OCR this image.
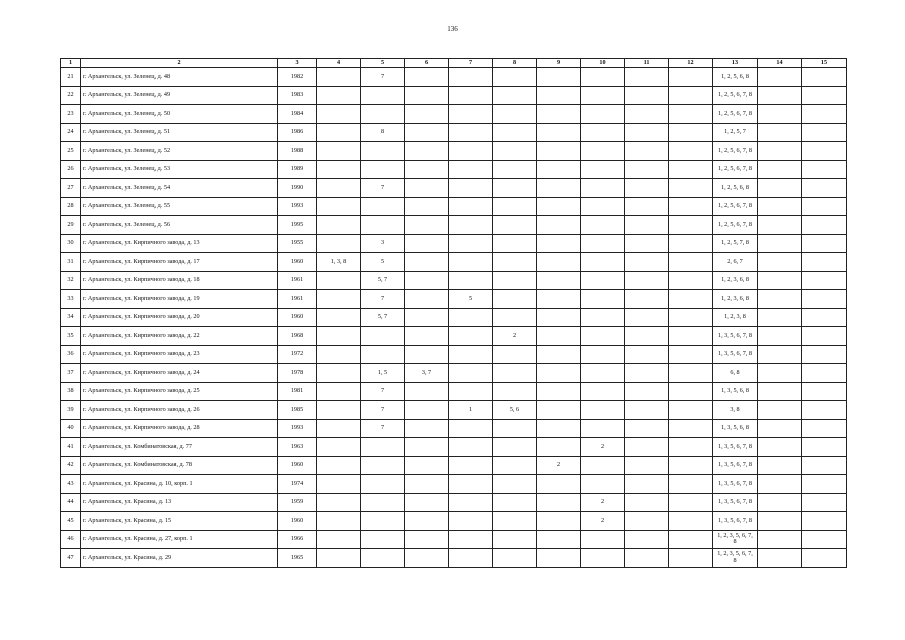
136
1	2	3	4	5	6	7	8	9	10	11	12	13	14	15
21	г. Архангельск, ул. Зеленец, д. 48	1982		7								1, 2, 5, 6, 8		
22	г. Архангельск, ул. Зеленец, д. 49	1983										1, 2, 5, 6, 7, 8		
23	г. Архангельск, ул. Зеленец, д. 50	1984										1, 2, 5, 6, 7, 8		
24	г. Архангельск, ул. Зеленец, д. 51	1986		8								1, 2, 5, 7		
25	г. Архангельск, ул. Зеленец, д. 52	1988										1, 2, 5, 6, 7, 8		
26	г. Архангельск, ул. Зеленец, д. 53	1989										1, 2, 5, 6, 7, 8		
27	г. Архангельск, ул. Зеленец, д. 54	1990		7								1, 2, 5, 6, 8		
28	г. Архангельск, ул. Зеленец, д. 55	1993										1, 2, 5, 6, 7, 8		
29	г. Архангельск, ул. Зеленец, д. 56	1995										1, 2, 5, 6, 7, 8		
30	г. Архангельск, ул. Кирпичного завода, д. 13	1955		3								1, 2, 5, 7, 8		
31	г. Архангельск, ул. Кирпичного завода, д. 17	1960	1, 3, 8	5								2, 6, 7		
32	г. Архангельск, ул. Кирпичного завода, д. 18	1961		5, 7								1, 2, 3, 6, 8		
33	г. Архангельск, ул. Кирпичного завода, д. 19	1961		7		5						1, 2, 3, 6, 8		
34	г. Архангельск, ул. Кирпичного завода, д. 20	1960		5, 7								1, 2, 3, 8		
35	г. Архангельск, ул. Кирпичного завода, д. 22	1968					2					1, 3, 5, 6, 7, 8		
36	г. Архангельск, ул. Кирпичного завода, д. 23	1972										1, 3, 5, 6, 7, 8		
37	г. Архангельск, ул. Кирпичного завода, д. 24	1978		1, 5	3, 7							6, 8		
38	г. Архангельск, ул. Кирпичного завода, д. 25	1981		7								1, 3, 5, 6, 8		
39	г. Архангельск, ул. Кирпичного завода, д. 26	1985		7		1	5, 6					3, 8		
40	г. Архангельск, ул. Кирпичного завода, д. 28	1993		7								1, 3, 5, 6, 8		
41	г. Архангельск, ул. Комбинатовская, д. 77	1963							2			1, 3, 5, 6, 7, 8		
42	г. Архангельск, ул. Комбинатовская, д. 78	1960						2				1, 3, 5, 6, 7, 8		
43	г. Архангельск, ул. Красина, д. 10, корп. 1	1974										1, 3, 5, 6, 7, 8		
44	г. Архангельск, ул. Красина, д. 13	1959							2			1, 3, 5, 6, 7, 8		
45	г. Архангельск, ул. Красина, д. 15	1960							2			1, 3, 5, 6, 7, 8		
46	г. Архангельск, ул. Красина, д. 27, корп. 1	1966										1, 2, 3, 5, 6, 7, 8		
47	г. Архангельск, ул. Красина, д. 29	1965										1, 2, 3, 5, 6, 7, 8		
